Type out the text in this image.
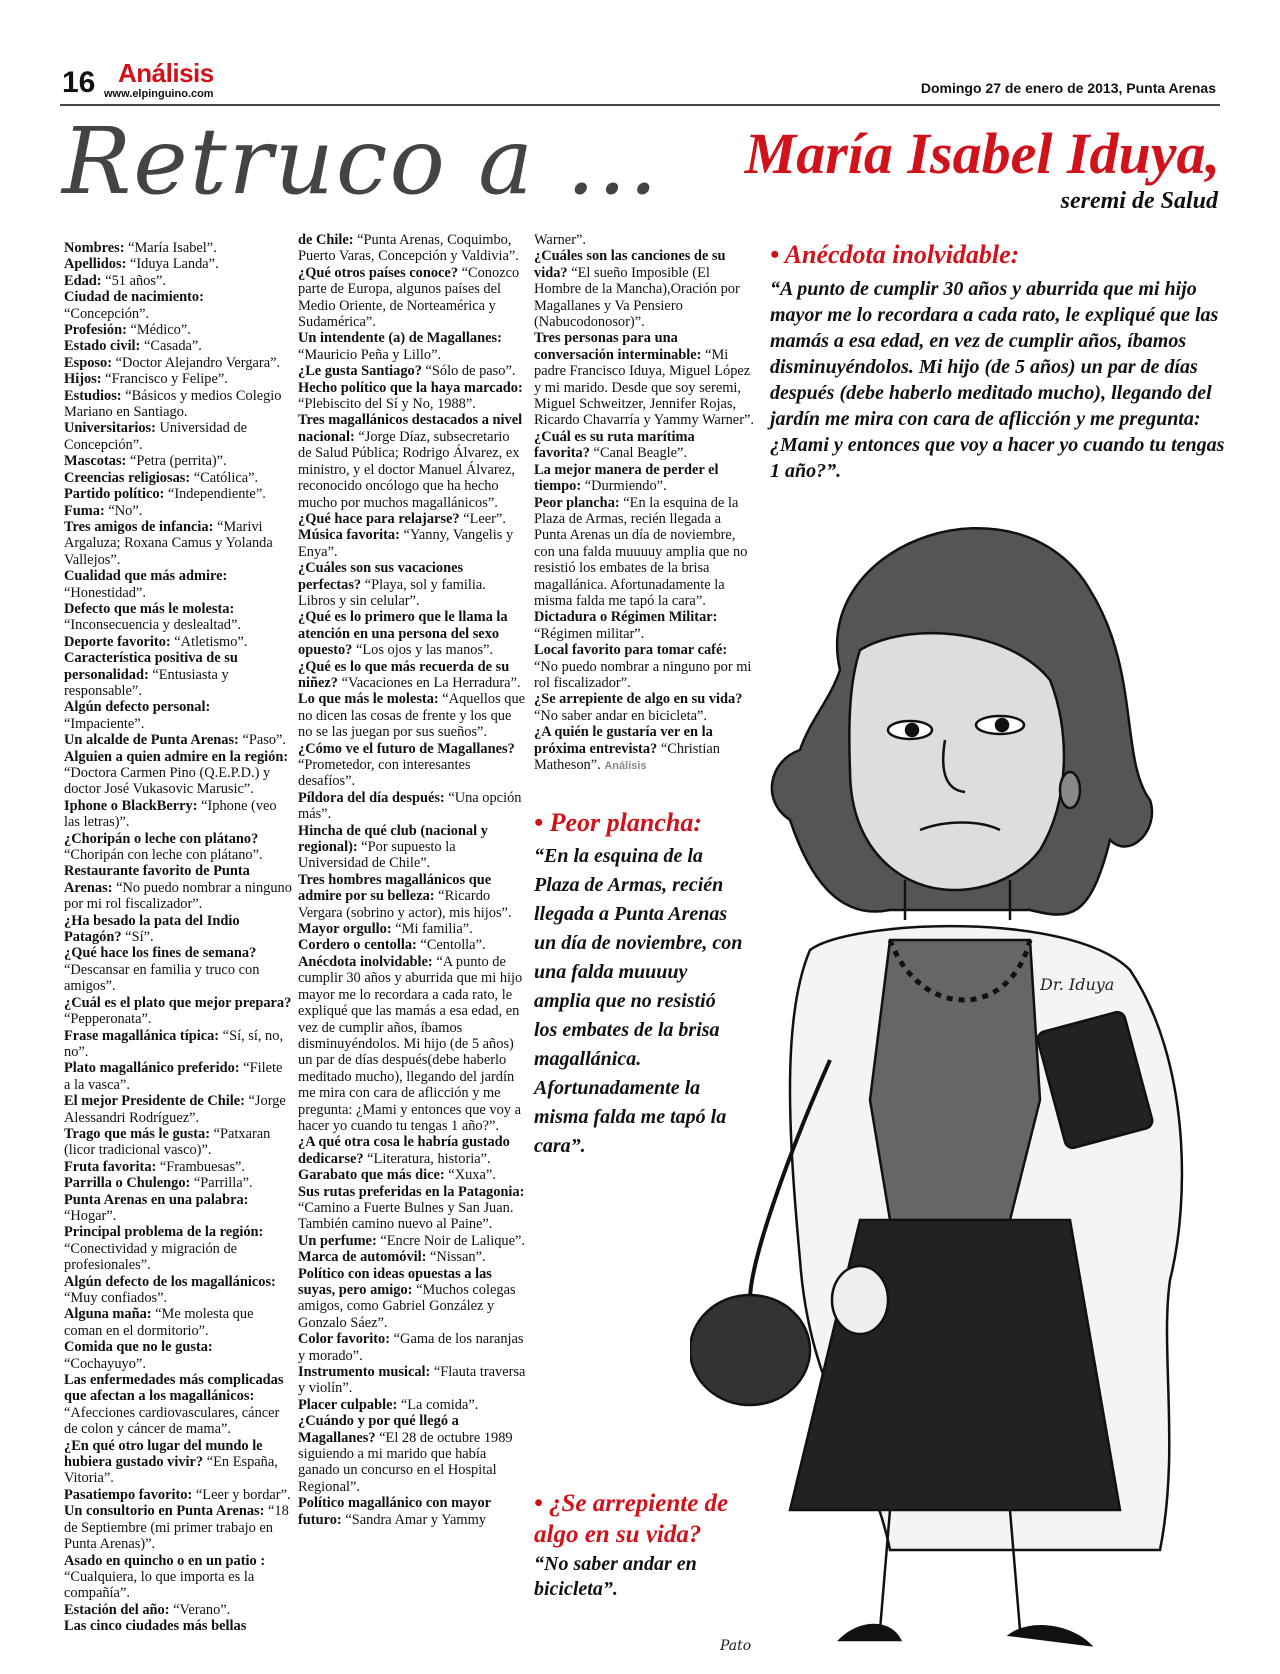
16 Análisis
www.elpinguino.com	Domingo 27 de enero de 2013, Punta Arenas
Retruco a ... María Isabel Iduya,
seremi de Salud

Nombres: “María Isabel”.

Apellidos: “Iduya Landa”.

Edad: “51 años”.

Ciudad de nacimiento: “Concepción”.

Profesión: “Médico”.

Estado civil: “Casada”.

Esposo: “Doctor Alejandro Vergara”.

Hijos: “Francisco y Felipe”.

Estudios: “Básicos y medios Colegio Mariano en Santiago.

Universitarios: Universidad de Concepción”.

Mascotas: “Petra (perrita)”.

Creencias religiosas: “Católica”.

Partido político: “Independiente”.

Fuma: “No”.

Tres amigos de infancia: “Marivi Argaluza; Roxana Camus y Yolanda Vallejos”.

Cualidad que más admire: “Honestidad”.

Defecto que más le molesta: “Inconsecuencia y deslealtad”.

Deporte favorito: “Atletismo”.

Característica positiva de su personalidad: “Entusiasta y responsable”.

Algún defecto personal: “Impaciente”.

Un alcalde de Punta Arenas: “Paso”.

Alguien a quien admire en la región: “Doctora Carmen Pino (Q.E.P.D.) y doctor José Vukasovic Marusic”.

Iphone o BlackBerry: “Iphone (veo las letras)”.

¿Choripán o leche con plátano? “Choripán con leche con plátano”.

Restaurante favorito de Punta Arenas: “No puedo nombrar a ninguno por mi rol fiscalizador”.

¿Ha besado la pata del Indio Patagón? “Sí”.

¿Qué hace los fines de semana? “Descansar en familia y truco con amigos”.

¿Cuál es el plato que mejor prepara? “Pepperonata”.

Frase magallánica típica: “Sí, sí, no, no”.

Plato magallánico preferido: “Filete a la vasca”.

El mejor Presidente de Chile: “Jorge Alessandri Rodríguez”.

Trago que más le gusta: “Patxaran (licor tradicional vasco)”.

Fruta favorita: “Frambuesas”.

Parrilla o Chulengo: “Parrilla”.

Punta Arenas en una palabra: “Hogar”.

Principal problema de la región: “Conectividad y migración de profesionales”.

Algún defecto de los magallánicos: “Muy confiados”.

Alguna maña: “Me molesta que coman en el dormitorio”.

Comida que no le gusta: “Cochayuyo”.

Las enfermedades más complicadas que afectan a los magallánicos: “Afecciones cardiovasculares, cáncer de colon y cáncer de mama”.

¿En qué otro lugar del mundo le hubiera gustado vivir? “En España, Vitoria”.

Pasatiempo favorito: “Leer y bordar”.

Un consultorio en Punta Arenas: “18 de Septiembre (mi primer trabajo en Punta Arenas)”.

Asado en quincho o en un patio : “Cualquiera, lo que importa es la compañía”.

Estación del año: “Verano”.

Las cinco ciudades más bellas

de Chile: “Punta Arenas, Coquimbo, Puerto Varas, Concepción y Valdivia”.

¿Qué otros países conoce? “Conozco parte de Europa, algunos países del Medio Oriente, de Norteamérica y Sudamérica”.

Un intendente (a) de Magallanes: “Mauricio Peña y Lillo”.

¿Le gusta Santiago? “Sólo de paso”.

Hecho político que la haya marcado: “Plebiscito del Sí y No, 1988”.

Tres magallánicos destacados a nivel nacional: “Jorge Díaz, subsecretario de Salud Pública; Rodrigo Álvarez, ex ministro, y el doctor Manuel Álvarez, reconocido oncólogo que ha hecho mucho por muchos magallánicos”.

¿Qué hace para relajarse? “Leer”.

Música favorita: “Yanny, Vangelis y Enya”.

¿Cuáles son sus vacaciones perfectas? “Playa, sol y familia. Libros y sin celular”.

¿Qué es lo primero que le llama la atención en una persona del sexo opuesto? “Los ojos y las manos”.

¿Qué es lo que más recuerda de su niñez? “Vacaciones en La Herradura”.

Lo que más le molesta: “Aquellos que no dicen las cosas de frente y los que no se las juegan por sus sueños”.

¿Cómo ve el futuro de Magallanes? “Prometedor, con interesantes desafíos”.

Píldora del día después: “Una opción más”.

Hincha de qué club (nacional y regional): “Por supuesto la Universidad de Chile”.

Tres hombres magallánicos que admire por su belleza: “Ricardo Vergara (sobrino y actor), mis hijos”.

Mayor orgullo: “Mi familia”.

Cordero o centolla: “Centolla”.

Anécdota inolvidable: “A punto de cumplir 30 años y aburrida que mi hijo mayor me lo recordara a cada rato, le expliqué que las mamás a esa edad, en vez de cumplir años, íbamos disminuyéndolos. Mi hijo (de 5 años) un par de días después(debe haberlo meditado mucho), llegando del jardín me mira con cara de aflicción y me pregunta: ¿Mami y entonces que voy a hacer yo cuando tu tengas 1 año?”.

¿A qué otra cosa le habría gustado dedicarse? “Literatura, historia”.

Garabato que más dice: “Xuxa”.

Sus rutas preferidas en la Patagonia: “Camino a Fuerte Bulnes y San Juan. También camino nuevo al Paine”.

Un perfume: “Encre Noir de Lalique”.

Marca de automóvil: “Nissan”.

Político con ideas opuestas a las suyas, pero amigo: “Muchos colegas amigos, como Gabriel González y Gonzalo Sáez”.

Color favorito: “Gama de los naranjas y morado”.

Instrumento musical: “Flauta traversa y violín”.

Placer culpable: “La comida”.

¿Cuándo y por qué llegó a Magallanes? “El 28 de octubre 1989 siguiendo a mi marido que había ganado un concurso en el Hospital Regional”.

Político magallánico con mayor futuro: “Sandra Amar y Yammy

Warner”.

¿Cuáles son las canciones de su vida? “El sueño Imposible (El Hombre de la Mancha),Oración por Magallanes y Va Pensiero (Nabucodonosor)”.

Tres personas para una conversación interminable: “Mi padre Francisco Iduya, Miguel López y mi marido. Desde que soy seremi, Miguel Schweitzer, Jennifer Rojas, Ricardo Chavarría y Yammy Warner”.

¿Cuál es su ruta marítima favorita? “Canal Beagle”.

La mejor manera de perder el tiempo: “Durmiendo”.

Peor plancha: “En la esquina de la Plaza de Armas, recién llegada a Punta Arenas un día de noviembre, con una falda muuuuy amplia que no resistió los embates de la brisa magallánica. Afortunadamente la misma falda me tapó la cara”.

Dictadura o Régimen Militar: “Régimen militar”.

Local favorito para tomar café: “No puedo nombrar a ninguno por mi rol fiscalizador”.

¿Se arrepiente de algo en su vida? “No saber andar en bicicleta”.

¿A quién le gustaría ver en la próxima entrevista? “Christian Matheson”. Análisis

• Anécdota inolvidable:
“A punto de cumplir 30 años y aburrida que mi hijo mayor me lo recordara a cada rato, le expliqué que las mamás a esa edad, en vez de cumplir años, íbamos disminuyéndolos. Mi hijo (de 5 años) un par de días después (debe haberlo meditado mucho), llegando del jardín me mira con cara de aflicción y me pregunta: ¿Mami y entonces que voy a hacer yo cuando tu tengas 1 año?”.
Dr. Iduya
Pato
• Peor plancha:
“En la esquina de la Plaza de Armas, recién llegada a Punta Arenas un día de noviembre, con una falda muuuuy amplia que no resistió los embates de la brisa magallánica. Afortunadamente la misma falda me tapó la cara”.
• ¿Se arrepiente de algo en su vida?
“No saber andar en bicicleta”.
